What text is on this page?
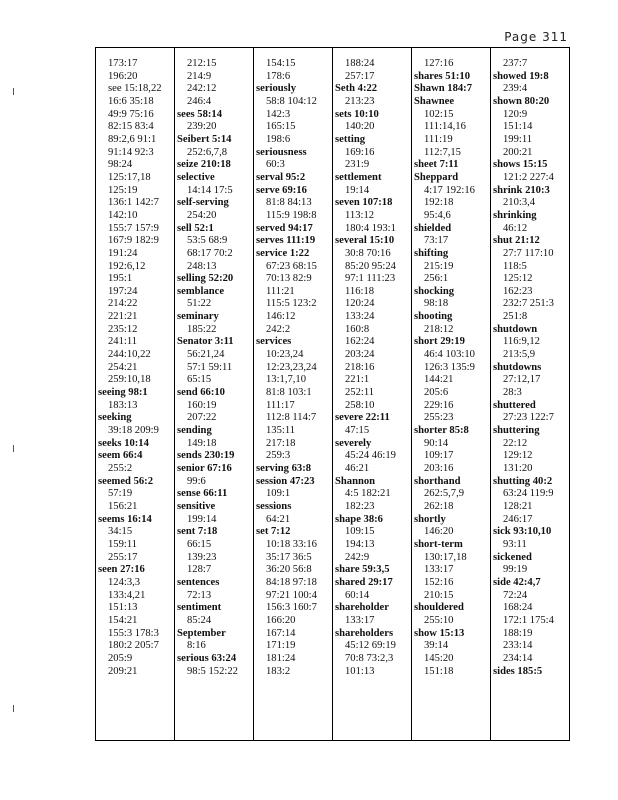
Page 311
173:17
196:20
see 15:18,22
16:6 35:18
49:9 75:16
82:15 83:4
89:2,6 91:1
91:14 92:3
98:24
125:17,18
125:19
136:1 142:7
142:10
155:7 157:9
167:9 182:9
191:24
192:6,12
195:1
197:24
214:22
221:21
235:12
241:11
244:10,22
254:21
259:10,18
seeing 98:1
183:13
seeking
39:18 209:9
seeks 10:14
seem 66:4
255:2
seemed 56:2
57:19
156:21
seems 16:14
34:15
159:11
255:17
seen 27:16
124:3,3
133:4,21
151:13
154:21
155:3 178:3
180:2 205:7
205:9
209:21
212:15
214:9
242:12
246:4
sees 58:14
239:20
Seibert 5:14
252:6,7,8
seize 210:18
selective
14:14 17:5
self-serving
254:20
sell 52:1
53:5 68:9
68:17 70:2
248:13
selling 52:20
semblance
51:22
seminary
185:22
Senator 3:11
56:21,24
57:1 59:11
65:15
send 66:10
160:19
207:22
sending
149:18
sends 230:19
senior 67:16
99:6
sense 66:11
sensitive
199:14
sent 7:18
66:15
139:23
128:7
sentences
72:13
sentiment
85:24
September
8:16
serious 63:24
98:5 152:22
154:15
178:6
seriously
58:8 104:12
142:3
165:15
198:6
seriousness
60:3
serval 95:2
serve 69:16
81:8 84:13
115:9 198:8
served 94:17
serves 111:19
service 1:22
67:23 68:15
70:13 82:9
111:21
115:5 123:2
146:12
242:2
services
10:23,24
12:23,23,24
13:1,7,10
81:8 103:1
111:17
112:8 114:7
135:11
217:18
259:3
serving 63:8
session 47:23
109:1
sessions
64:21
set 7:12
10:18 33:16
35:17 36:5
36:20 56:8
84:18 97:18
97:21 100:4
156:3 160:7
166:20
167:14
171:19
181:24
183:2
188:24
257:17
Seth 4:22
213:23
sets 10:10
140:20
setting
169:16
231:9
settlement
19:14
seven 107:18
113:12
180:4 193:1
several 15:10
30:8 70:16
85:20 95:24
97:1 111:23
116:18
120:24
133:24
160:8
162:24
203:24
218:16
221:1
252:11
258:10
severe 22:11
47:15
severely
45:24 46:19
46:21
Shannon
4:5 182:21
182:23
shape 38:6
109:15
194:13
242:9
share 59:3,5
shared 29:17
60:14
shareholder
133:17
shareholders
45:12 69:19
70:8 73:2,3
101:13
127:16
shares 51:10
Shawn 184:7
Shawnee
102:15
111:14,16
111:19
112:7,15
sheet 7:11
Sheppard
4:17 192:16
192:18
95:4,6
shielded
73:17
shifting
215:19
256:1
shocking
98:18
shooting
218:12
short 29:19
46:4 103:10
126:3 135:9
144:21
205:6
229:16
255:23
shorter 85:8
90:14
109:17
203:16
shorthand
262:5,7,9
262:18
shortly
146:20
short-term
130:17,18
133:17
152:16
210:15
shouldered
255:10
show 15:13
39:14
145:20
151:18
237:7
showed 19:8
239:4
shown 80:20
120:9
151:14
199:11
200:21
shows 15:15
121:2 227:4
shrink 210:3
210:3,4
shrinking
46:12
shut 21:12
27:7 117:10
118:5
125:12
162:23
232:7 251:3
251:8
shutdown
116:9,12
213:5,9
shutdowns
27:12,17
28:3
shuttered
27:23 122:7
shuttering
22:12
129:12
131:20
shutting 40:2
63:24 119:9
128:21
246:17
sick 93:10,10
93:11
sickened
99:19
side 42:4,7
72:24
168:24
172:1 175:4
188:19
233:14
234:14
sides 185:5
